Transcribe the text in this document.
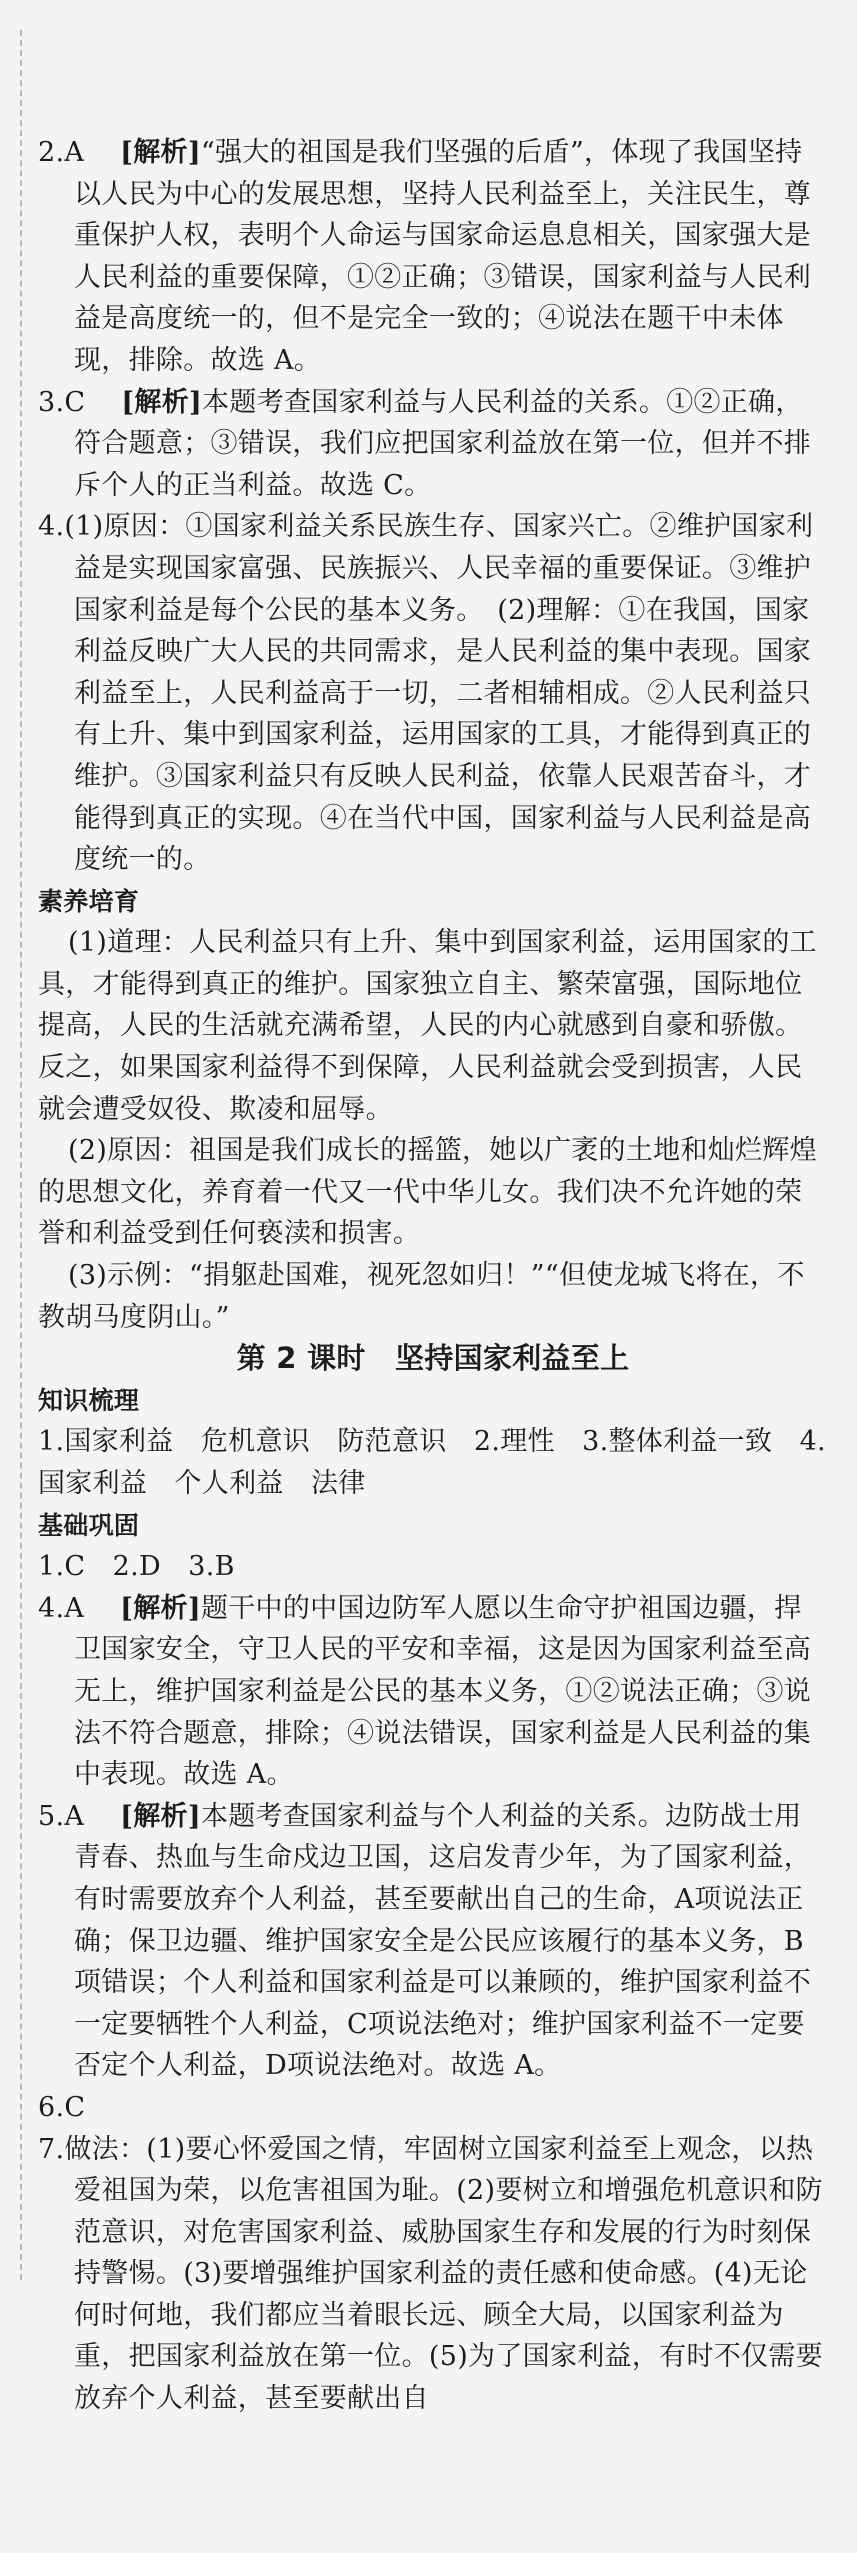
2.A [ 解析 ] “强大的祖国是我们坚强的后盾”，体现了我国坚持以人民为中心的发展思想，坚持人民利益至上，关注民生，尊重保护人权，表明个人命运与国家命运息息相关，国家强大是人民利益的重要保障，①②正确；③错误，国家利益与人民利益是高度统一的，但不是完全一致的；④说法在题干中未体现，排除。故选 A。

3.C [ 解析 ] 本题考查国家利益与人民利益的关系。①②正确，符合题意；③错误，我们应把国家利益放在第一位，但并不排斥个人的正当利益。故选 C。

4.(1)原因：①国家利益关系民族生存、国家兴亡。②维护国家利益是实现国家富强、民族振兴、人民幸福的重要保证。③维护国家利益是每个公民的基本义务。　(2)理解：①在我国，国家利益反映广大人民的共同需求，是人民利益的集中表现。国家利益至上，人民利益高于一切，二者相辅相成。②人民利益只有上升、集中到国家利益，运用国家的工具，才能得到真正的维护。③国家利益只有反映人民利益，依靠人民艰苦奋斗，才能得到真正的实现。④在当代中国，国家利益与人民利益是高度统一的。

素养培育

(1)道理：人民利益只有上升、集中到国家利益，运用国家的工具，才能得到真正的维护。国家独立自主、繁荣富强，国际地位提高，人民的生活就充满希望，人民的内心就感到自豪和骄傲。反之，如果国家利益得不到保障，人民利益就会受到损害，人民就会遭受奴役、欺凌和屈辱。

(2)原因：祖国是我们成长的摇篮，她以广袤的土地和灿烂辉煌的思想文化，养育着一代又一代中华儿女。我们决不允许她的荣誉和利益受到任何亵渎和损害。

(3)示例：“捐躯赴国难，视死忽如归！”“但使龙城飞将在，不教胡马度阴山。”

第 2 课时　坚持国家利益至上

知识梳理

1.国家利益　危机意识　防范意识　2.理性　3.整体利益一致　4.国家利益　个人利益　法律

基础巩固

1.C　2.D　3.B

4.A [ 解析 ] 题干中的中国边防军人愿以生命守护祖国边疆，捍卫国家安全，守卫人民的平安和幸福，这是因为国家利益至高无上，维护国家利益是公民的基本义务，①②说法正确；③说法不符合题意，排除；④说法错误，国家利益是人民利益的集中表现。故选 A。

5.A [ 解析 ] 本题考查国家利益与个人利益的关系。边防战士用青春、热血与生命戍边卫国，这启发青少年，为了国家利益，有时需要放弃个人利益，甚至要献出自己的生命，A项说法正确；保卫边疆、维护国家安全是公民应该履行的基本义务，B项错误；个人利益和国家利益是可以兼顾的，维护国家利益不一定要牺牲个人利益，C项说法绝对；维护国家利益不一定要否定个人利益，D项说法绝对。故选 A。

6.C

7.做法：(1)要心怀爱国之情，牢固树立国家利益至上观念，以热爱祖国为荣，以危害祖国为耻。(2)要树立和增强危机意识和防范意识，对危害国家利益、威胁国家生存和发展的行为时刻保持警惕。(3)要增强维护国家利益的责任感和使命感。(4)无论何时何地，我们都应当着眼长远、顾全大局，以国家利益为重，把国家利益放在第一位。(5)为了国家利益，有时不仅需要放弃个人利益，甚至要献出自
